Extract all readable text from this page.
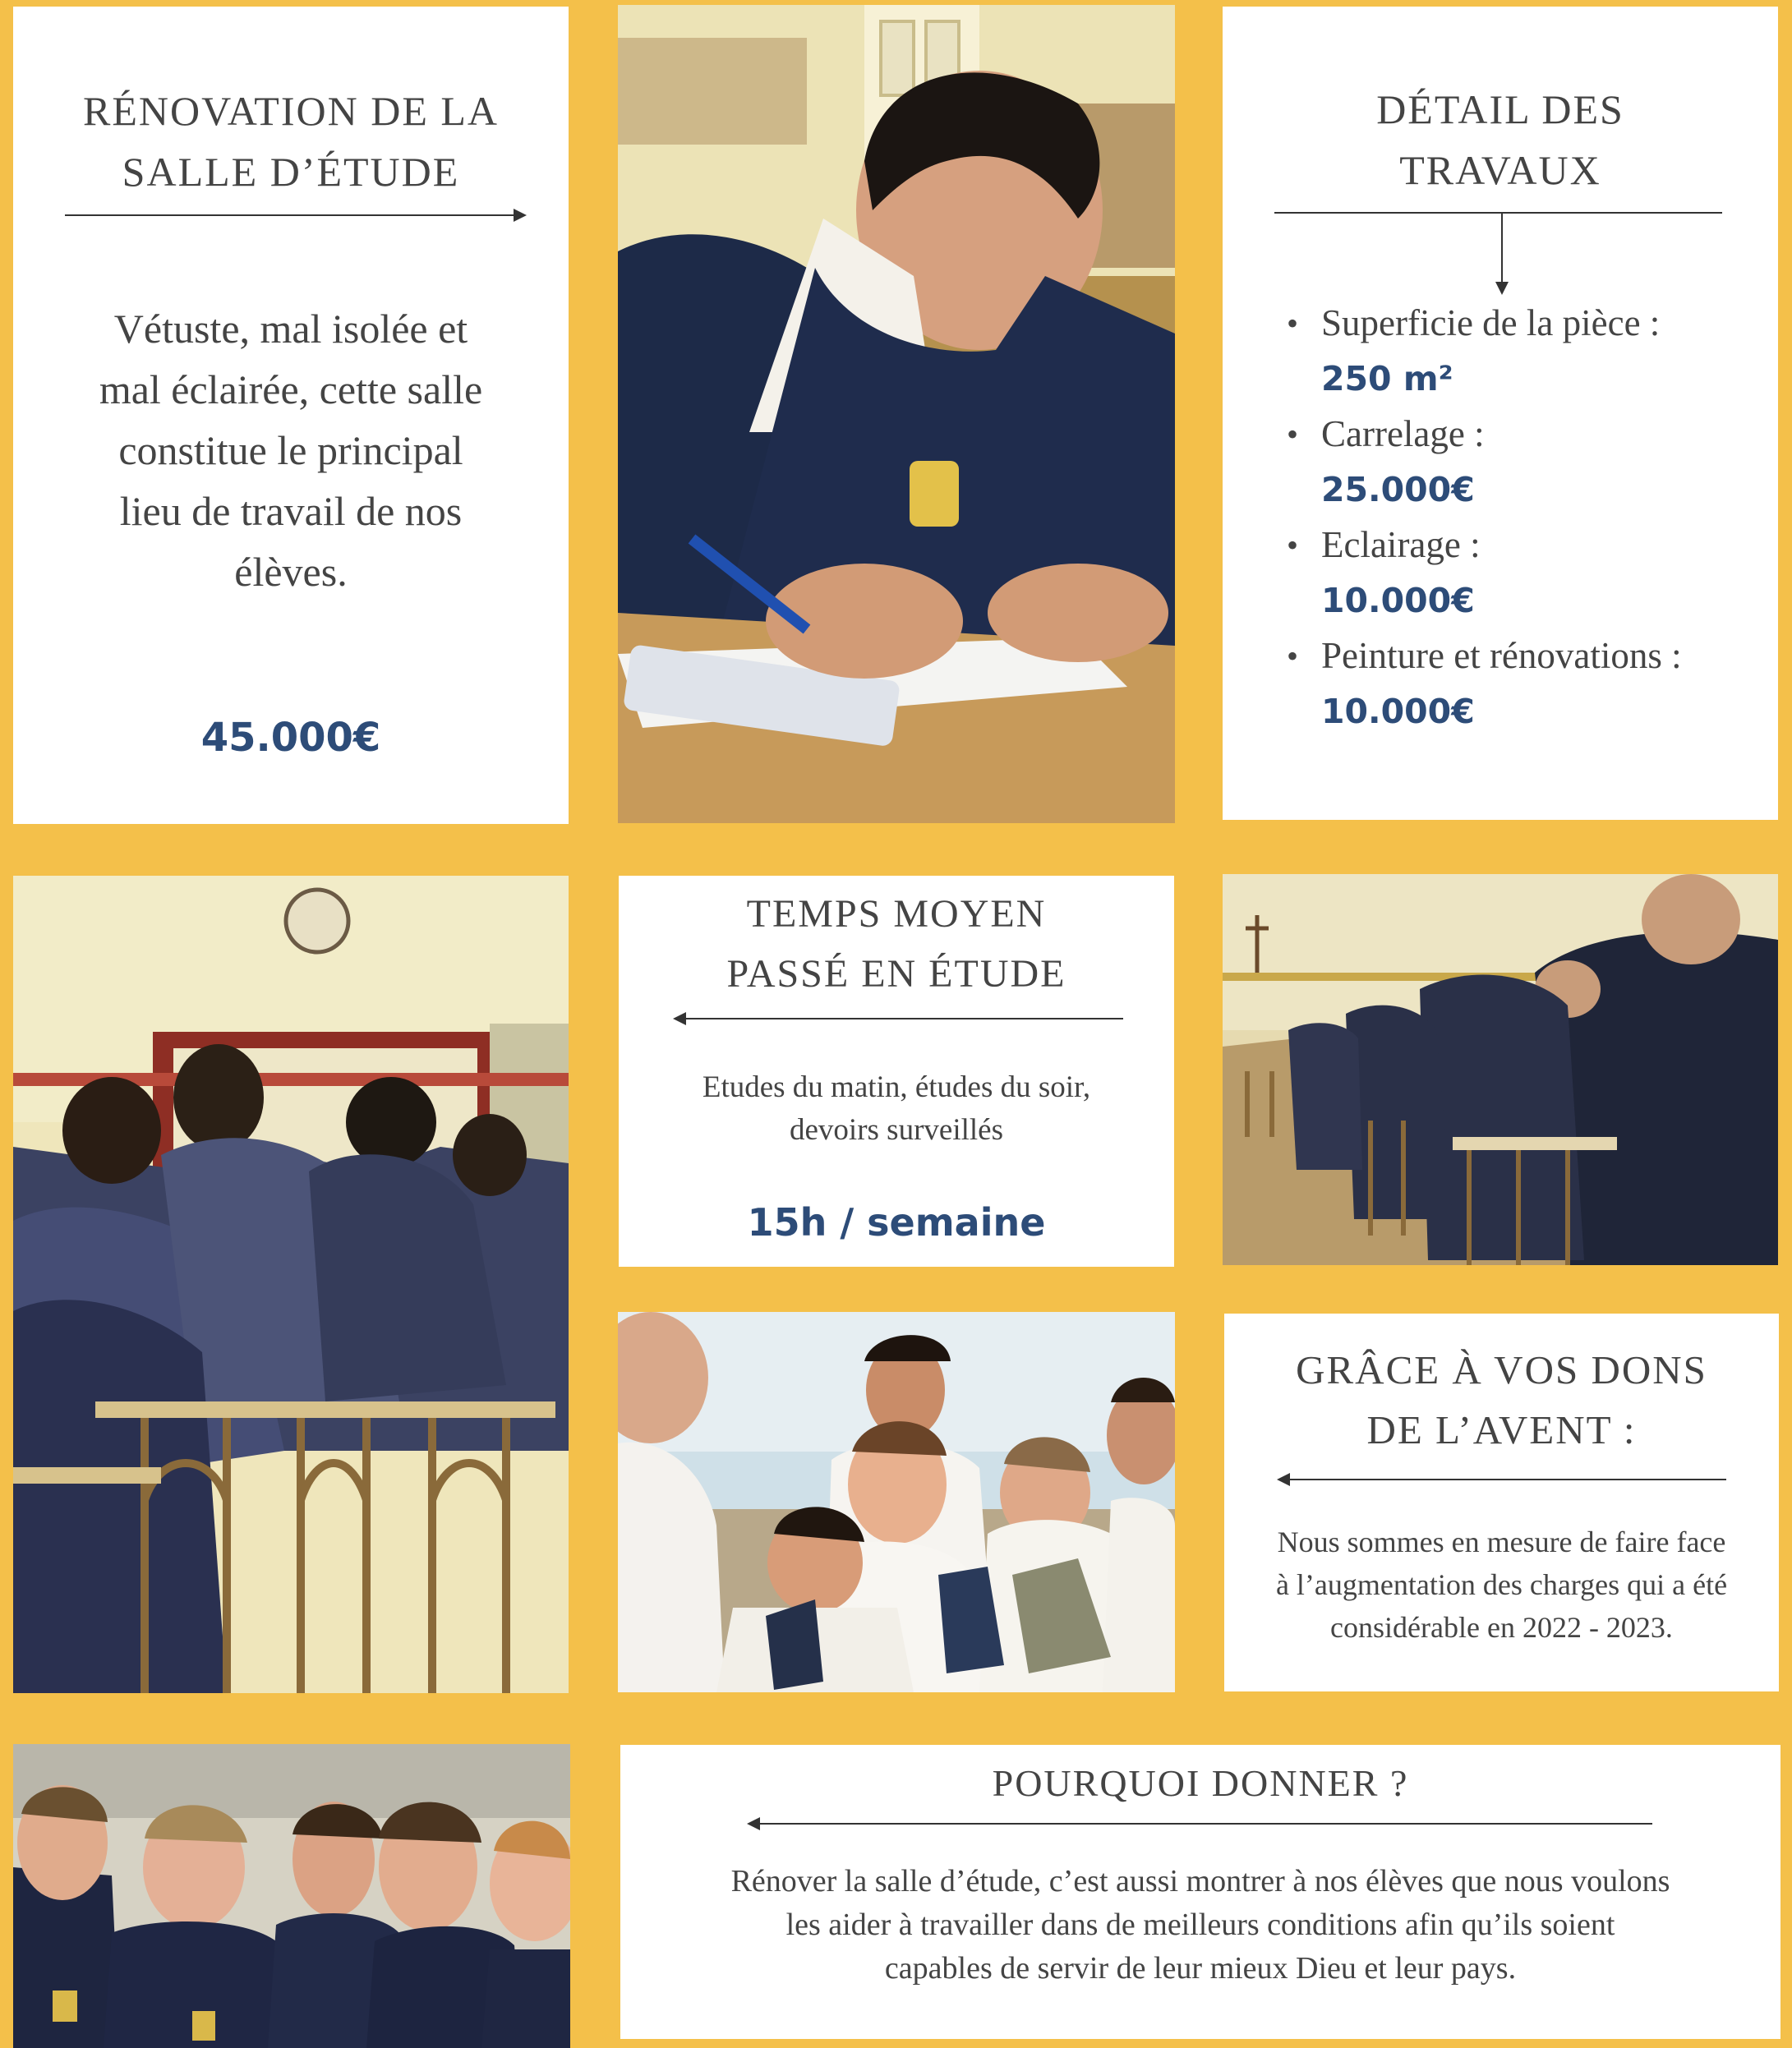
RÉNOVATION DE LA
SALLE D’ÉTUDE
Vétuste, mal isolée et
mal éclairée, cette salle
constitue le principal
lieu de travail de nos
élèves.
45.000€
DÉTAIL DES
TRAVAUX
• Superficie de la pièce :
250 m²
• Carrelage :
25.000€
• Eclairage :
10.000€
• Peinture et rénovations :
10.000€
TEMPS MOYEN
PASSÉ EN ÉTUDE
Etudes du matin, études du soir,
devoirs surveillés
15h / semaine
GRÂCE À VOS DONS
DE L’AVENT :
Nous sommes en mesure de faire face
à l’augmentation des charges qui a été
considérable en 2022 - 2023.
POURQUOI DONNER ?
Rénover la salle d’étude, c’est aussi montrer à nos élèves que nous voulons
les aider à travailler dans de meilleurs conditions afin qu’ils soient
capables de servir de leur mieux Dieu et leur pays.
